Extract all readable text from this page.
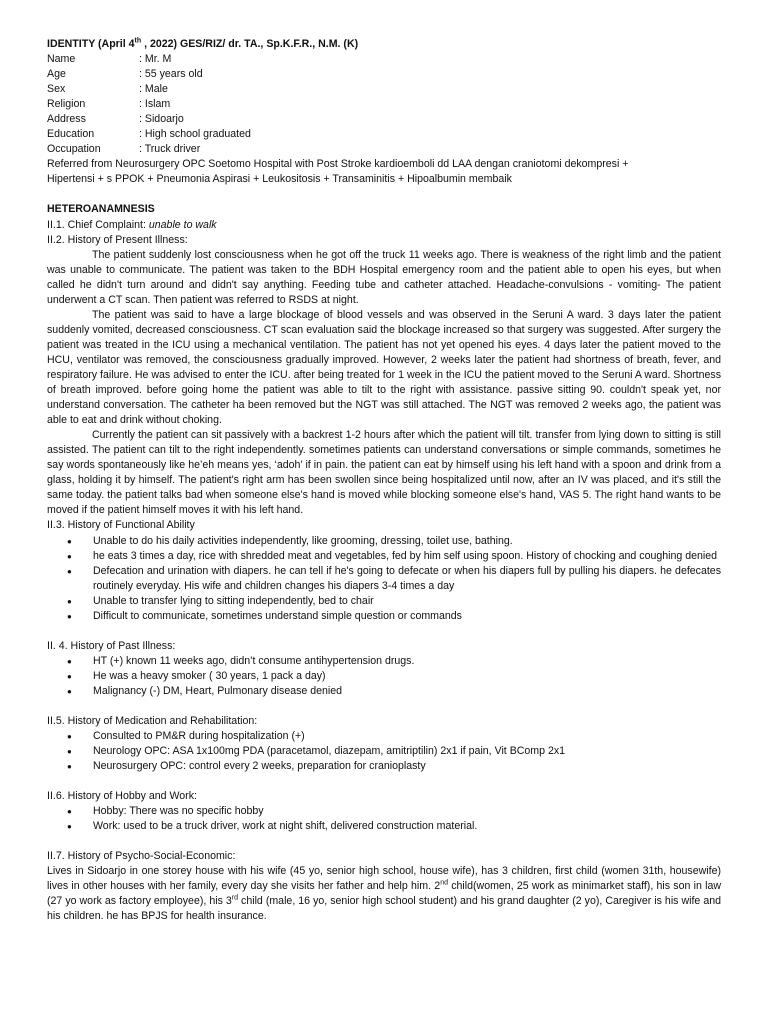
IDENTITY (April 4th , 2022) GES/RIZ/ dr. TA., Sp.K.F.R., N.M. (K)
Name	: Mr. M
Age	: 55 years old
Sex	: Male
Religion	: Islam
Address	: Sidoarjo
Education	: High school graduated
Occupation	: Truck driver
Referred from Neurosurgery OPC Soetomo Hospital with Post Stroke kardioemboli dd LAA dengan craniotomi dekompresi +
Hipertensi + s PPOK + Pneumonia Aspirasi + Leukositosis + Transaminitis + Hipoalbumin membaik
HETEROANAMNESIS
II.1. Chief Complaint: unable to walk
II.2. History of Present Illness:

The patient suddenly lost consciousness when he got off the truck 11 weeks ago. There is weakness of the right limb and the patient was unable to communicate. The patient was taken to the BDH Hospital emergency room and the patient able to open his eyes, but when called he didn't turn around and didn't say anything. Feeding tube and catheter attached. Headache-convulsions - vomiting- The patient underwent a CT scan. Then patient was referred to RSDS at night.

The patient was said to have a large blockage of blood vessels and was observed in the Seruni A ward. 3 days later the patient suddenly vomited, decreased consciousness. CT scan evaluation said the blockage increased so that surgery was suggested. After surgery the patient was treated in the ICU using a mechanical ventilation. The patient has not yet opened his eyes. 4 days later the patient moved to the HCU, ventilator was removed, the consciousness gradually improved. However, 2 weeks later the patient had shortness of breath, fever, and respiratory failure. He was advised to enter the ICU. after being treated for 1 week in the ICU the patient moved to the Seruni A ward. Shortness of breath improved. before going home the patient was able to tilt to the right with assistance. passive sitting 90. couldn't speak yet, nor understand conversation. The catheter ha been removed but the NGT was still attached. The NGT was removed 2 weeks ago, the patient was able to eat and drink without choking.

Currently the patient can sit passively with a backrest 1-2 hours after which the patient will tilt. transfer from lying down to sitting is still assisted. The patient can tilt to the right independently. sometimes patients can understand conversations or simple commands, sometimes he say words spontaneously like he’eh means yes, ‘adoh’ if in pain. the patient can eat by himself using his left hand with a spoon and drink from a glass, holding it by himself. The patient's right arm has been swollen since being hospitalized until now, after an IV was placed, and it's still the same today. the patient talks bad when someone else's hand is moved while blocking someone else's hand, VAS 5. The right hand wants to be moved if the patient himself moves it with his left hand.

II.3. History of Functional Ability
● Unable to do his daily activities independently, like grooming, dressing, toilet use, bathing.
● he eats 3 times a day, rice with shredded meat and vegetables, fed by him self using spoon. History of chocking and coughing denied
● Defecation and urination with diapers. he can tell if he's going to defecate or when his diapers full by pulling his diapers. he defecates routinely everyday. His wife and children changes his diapers 3-4 times a day
● Unable to transfer lying to sitting independently, bed to chair
● Difficult to communicate, sometimes understand simple question or commands
II. 4. History of Past Illness:
● HT (+) known 11 weeks ago, didn’t consume antihypertension drugs.
● He was a heavy smoker ( 30 years, 1 pack a day)
● Malignancy (-) DM, Heart, Pulmonary disease denied
II.5. History of Medication and Rehabilitation:
● Consulted to PM&R during hospitalization (+)
● Neurology OPC: ASA 1x100mg PDA (paracetamol, diazepam, amitriptilin) 2x1 if pain, Vit BComp 2x1
● Neurosurgery OPC: control every 2 weeks, preparation for cranioplasty
II.6. History of Hobby and Work:
● Hobby: There was no specific hobby
● Work: used to be a truck driver, work at night shift, delivered construction material.
II.7. History of Psycho-Social-Economic:

Lives in Sidoarjo in one storey house with his wife (45 yo, senior high school, house wife), has 3 children, first child (women 31th, housewife) lives in other houses with her family, every day she visits her father and help him. 2nd child(women, 25 work as minimarket staff), his son in law (27 yo work as factory employee), his 3rd child (male, 16 yo, senior high school student) and his grand daughter (2 yo), Caregiver is his wife and his children. he has BPJS for health insurance.
